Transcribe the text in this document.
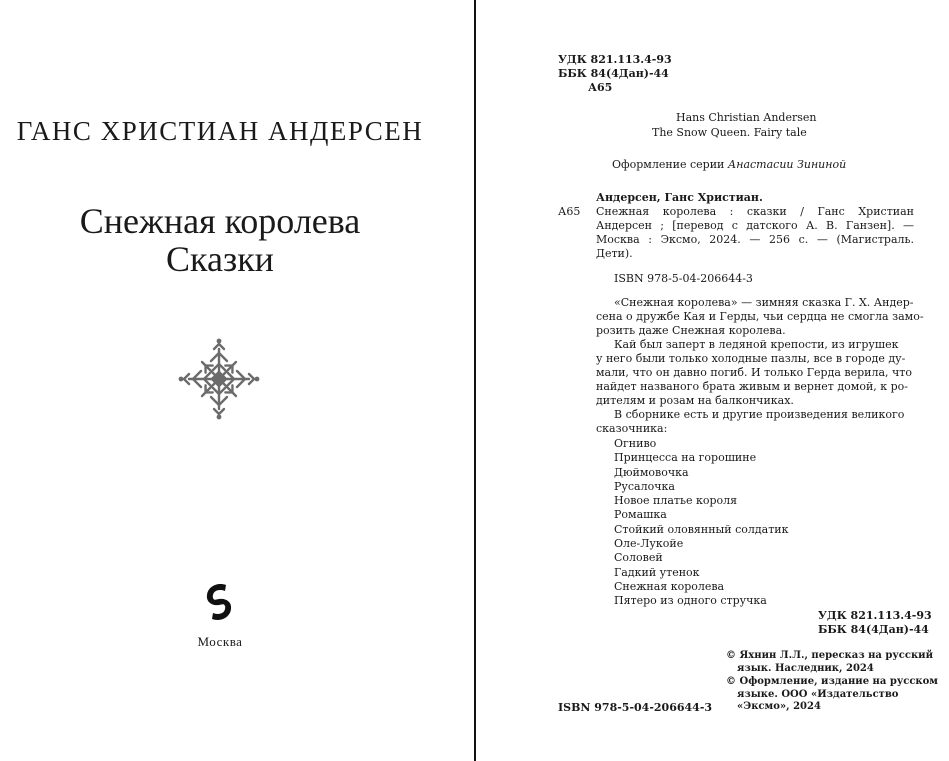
ГАНС ХРИСТИАН АНДЕРСЕН
Снежная королева
Сказки
Москва
УДК 821.113.4-93
ББК 84(4Дан)-44
А65
Hans Christian Andersen
The Snow Queen. Fairy tale
Оформление серии Анастасии Зининой
Андерсен, Ганс Христиан.
А65 Снежная королева : сказки / Ганс Христиан
Андерсен ; [перевод с датского А. В. Ганзен]. —
Москва : Эксмо, 2024. — 256 с. — (Магистраль.
Дети).
ISBN 978-5-04-206644-3
«Снежная королева» — зимняя сказка Г. Х. Андер-
сена о дружбе Кая и Герды, чьи сердца не смогла замо-
розить даже Снежная королева.
Кай был заперт в ледяной крепости, из игрушек
у него были только холодные пазлы, все в городе ду-
мали, что он давно погиб. И только Герда верила, что
найдет названого брата живым и вернет домой, к ро-
дителям и розам на балкончиках.
В сборнике есть и другие произведения великого
сказочника:
Огниво
Принцесса на горошине
Дюймовочка
Русалочка
Новое платье короля
Ромашка
Стойкий оловянный солдатик
Оле-Лукойе
Соловей
Гадкий утенок
Снежная королева
Пятеро из одного стручка
УДК 821.113.4-93
ББК 84(4Дан)-44
© Яхнин Л.Л., пересказ на русский
язык. Наследник, 2024
© Оформление, издание на русском
языке. ООО «Издательство
«Эксмо», 2024
ISBN 978-5-04-206644-3
